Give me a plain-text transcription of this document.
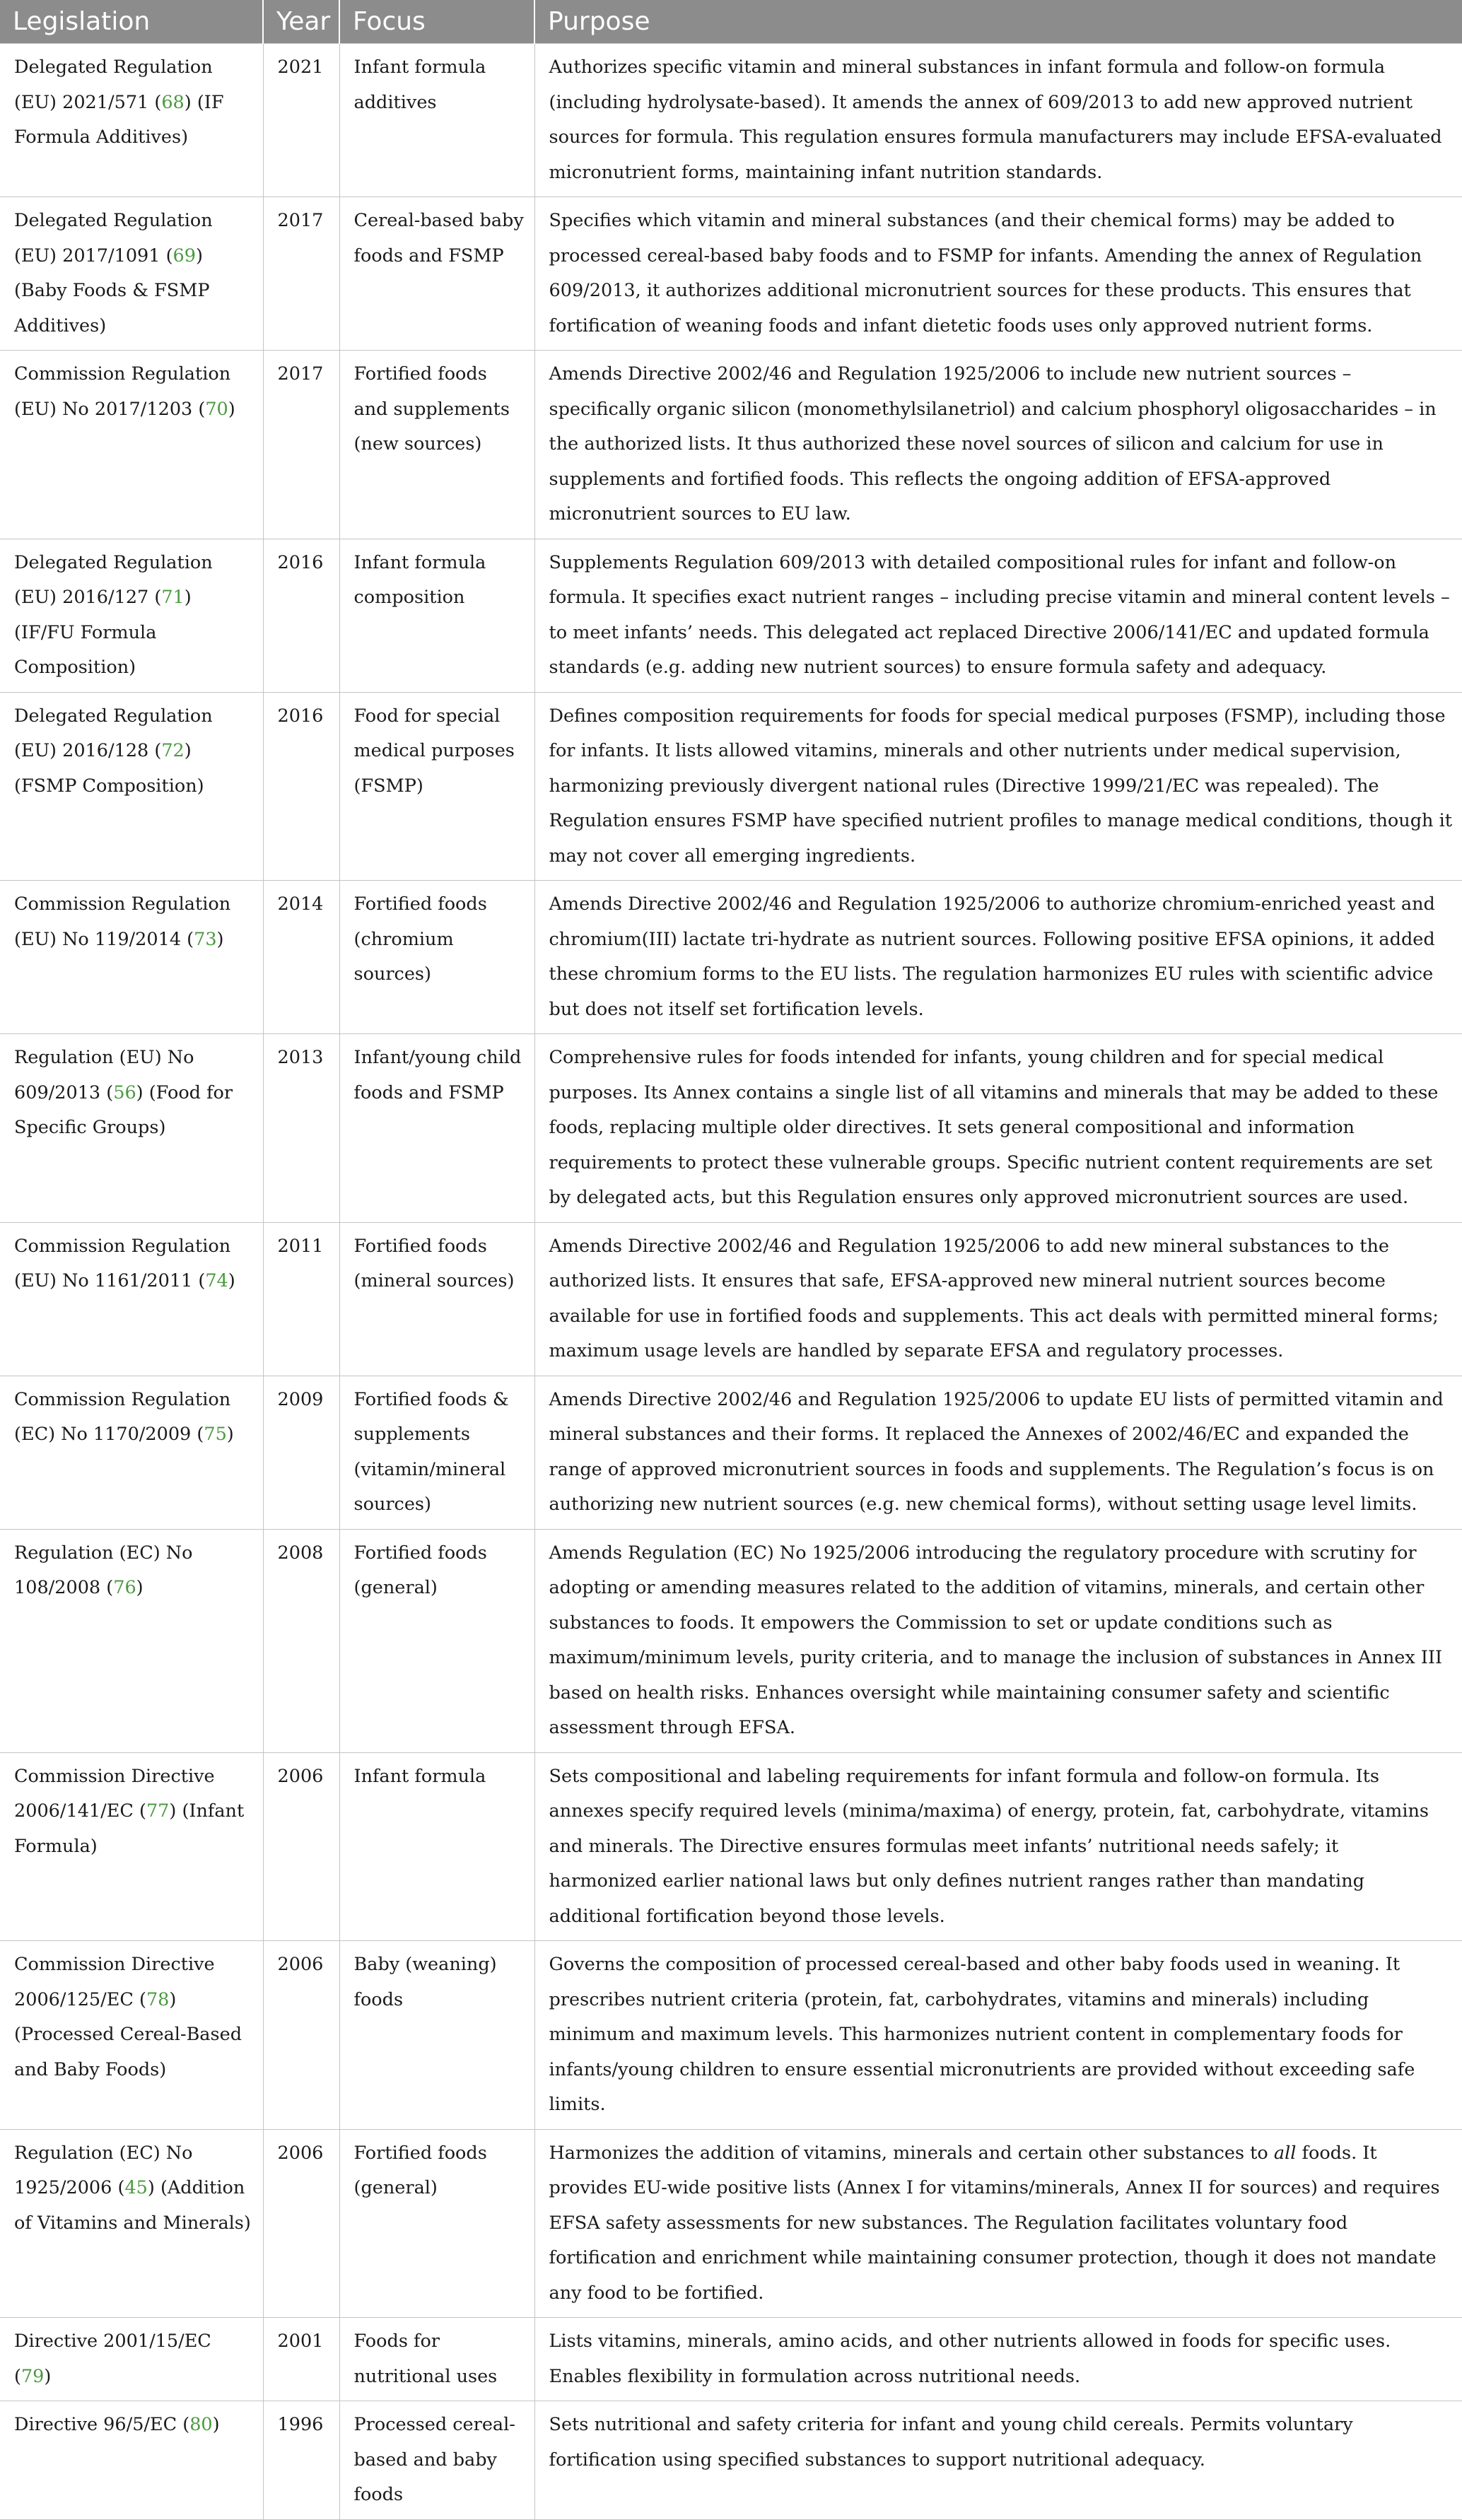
Legislation	Year	Focus	Purpose
Delegated Regulation (EU) 2021/571 (68) (IF Formula Additives)	2021	Infant formula additives	Authorizes specific vitamin and mineral substances in infant formula and follow-on formula (including hydrolysate-based). It amends the annex of 609/2013 to add new approved nutrient sources for formula. This regulation ensures formula manufacturers may include EFSA-evaluated micronutrient forms, maintaining infant nutrition standards.
Delegated Regulation (EU) 2017/1091 (69) (Baby Foods & FSMP Additives)	2017	Cereal-based baby foods and FSMP	Specifies which vitamin and mineral substances (and their chemical forms) may be added to processed cereal-based baby foods and to FSMP for infants. Amending the annex of Regulation 609/2013, it authorizes additional micronutrient sources for these products. This ensures that fortification of weaning foods and infant dietetic foods uses only approved nutrient forms.
Commission Regulation (EU) No 2017/1203 (70)	2017	Fortified foods and supplements (new sources)	Amends Directive 2002/46 and Regulation 1925/2006 to include new nutrient sources – specifically organic silicon (monomethylsilanetriol) and calcium phosphoryl oligosaccharides – in the authorized lists. It thus authorized these novel sources of silicon and calcium for use in supplements and fortified foods. This reflects the ongoing addition of EFSA-approved micronutrient sources to EU law.
Delegated Regulation (EU) 2016/127 (71) (IF/FU Formula Composition)	2016	Infant formula composition	Supplements Regulation 609/2013 with detailed compositional rules for infant and follow-on formula. It specifies exact nutrient ranges – including precise vitamin and mineral content levels – to meet infants’ needs. This delegated act replaced Directive 2006/141/EC and updated formula standards (e.g. adding new nutrient sources) to ensure formula safety and adequacy.
Delegated Regulation (EU) 2016/128 (72) (FSMP Composition)	2016	Food for special medical purposes (FSMP)	Defines composition requirements for foods for special medical purposes (FSMP), including those for infants. It lists allowed vitamins, minerals and other nutrients under medical supervision, harmonizing previously divergent national rules (Directive 1999/21/EC was repealed). The Regulation ensures FSMP have specified nutrient profiles to manage medical conditions, though it may not cover all emerging ingredients.
Commission Regulation (EU) No 119/2014 (73)	2014	Fortified foods (chromium sources)	Amends Directive 2002/46 and Regulation 1925/2006 to authorize chromium-enriched yeast and chromium(III) lactate tri-hydrate as nutrient sources. Following positive EFSA opinions, it added these chromium forms to the EU lists. The regulation harmonizes EU rules with scientific advice but does not itself set fortification levels.
Regulation (EU) No 609/2013 (56) (Food for Specific Groups)	2013	Infant/young child foods and FSMP	Comprehensive rules for foods intended for infants, young children and for special medical purposes. Its Annex contains a single list of all vitamins and minerals that may be added to these foods, replacing multiple older directives. It sets general compositional and information requirements to protect these vulnerable groups. Specific nutrient content requirements are set by delegated acts, but this Regulation ensures only approved micronutrient sources are used.
Commission Regulation (EU) No 1161/2011 (74)	2011	Fortified foods (mineral sources)	Amends Directive 2002/46 and Regulation 1925/2006 to add new mineral substances to the authorized lists. It ensures that safe, EFSA-approved new mineral nutrient sources become available for use in fortified foods and supplements. This act deals with permitted mineral forms; maximum usage levels are handled by separate EFSA and regulatory processes.
Commission Regulation (EC) No 1170/2009 (75)	2009	Fortified foods & supplements (vitamin/mineral sources)	Amends Directive 2002/46 and Regulation 1925/2006 to update EU lists of permitted vitamin and mineral substances and their forms. It replaced the Annexes of 2002/46/EC and expanded the range of approved micronutrient sources in foods and supplements. The Regulation’s focus is on authorizing new nutrient sources (e.g. new chemical forms), without setting usage level limits.
Regulation (EC) No 108/2008 (76)	2008	Fortified foods (general)	Amends Regulation (EC) No 1925/2006 introducing the regulatory procedure with scrutiny for adopting or amending measures related to the addition of vitamins, minerals, and certain other substances to foods. It empowers the Commission to set or update conditions such as maximum/minimum levels, purity criteria, and to manage the inclusion of substances in Annex III based on health risks. Enhances oversight while maintaining consumer safety and scientific assessment through EFSA.
Commission Directive 2006/141/EC (77) (Infant Formula)	2006	Infant formula	Sets compositional and labeling requirements for infant formula and follow-on formula. Its annexes specify required levels (minima/maxima) of energy, protein, fat, carbohydrate, vitamins and minerals. The Directive ensures formulas meet infants’ nutritional needs safely; it harmonized earlier national laws but only defines nutrient ranges rather than mandating additional fortification beyond those levels.
Commission Directive 2006/125/EC (78) (Processed Cereal-Based and Baby Foods)	2006	Baby (weaning) foods	Governs the composition of processed cereal-based and other baby foods used in weaning. It prescribes nutrient criteria (protein, fat, carbohydrates, vitamins and minerals) including minimum and maximum levels. This harmonizes nutrient content in complementary foods for infants/young children to ensure essential micronutrients are provided without exceeding safe limits.
Regulation (EC) No 1925/2006 (45) (Addition of Vitamins and Minerals)	2006	Fortified foods (general)	Harmonizes the addition of vitamins, minerals and certain other substances to all foods. It provides EU-wide positive lists (Annex I for vitamins/minerals, Annex II for sources) and requires EFSA safety assessments for new substances. The Regulation facilitates voluntary food fortification and enrichment while maintaining consumer protection, though it does not mandate any food to be fortified.
Directive 2001/15/EC (79)	2001	Foods for nutritional uses	Lists vitamins, minerals, amino acids, and other nutrients allowed in foods for specific uses. Enables flexibility in formulation across nutritional needs.
Directive 96/5/EC (80)	1996	Processed cereal-based and baby foods	Sets nutritional and safety criteria for infant and young child cereals. Permits voluntary fortification using specified substances to support nutritional adequacy.
